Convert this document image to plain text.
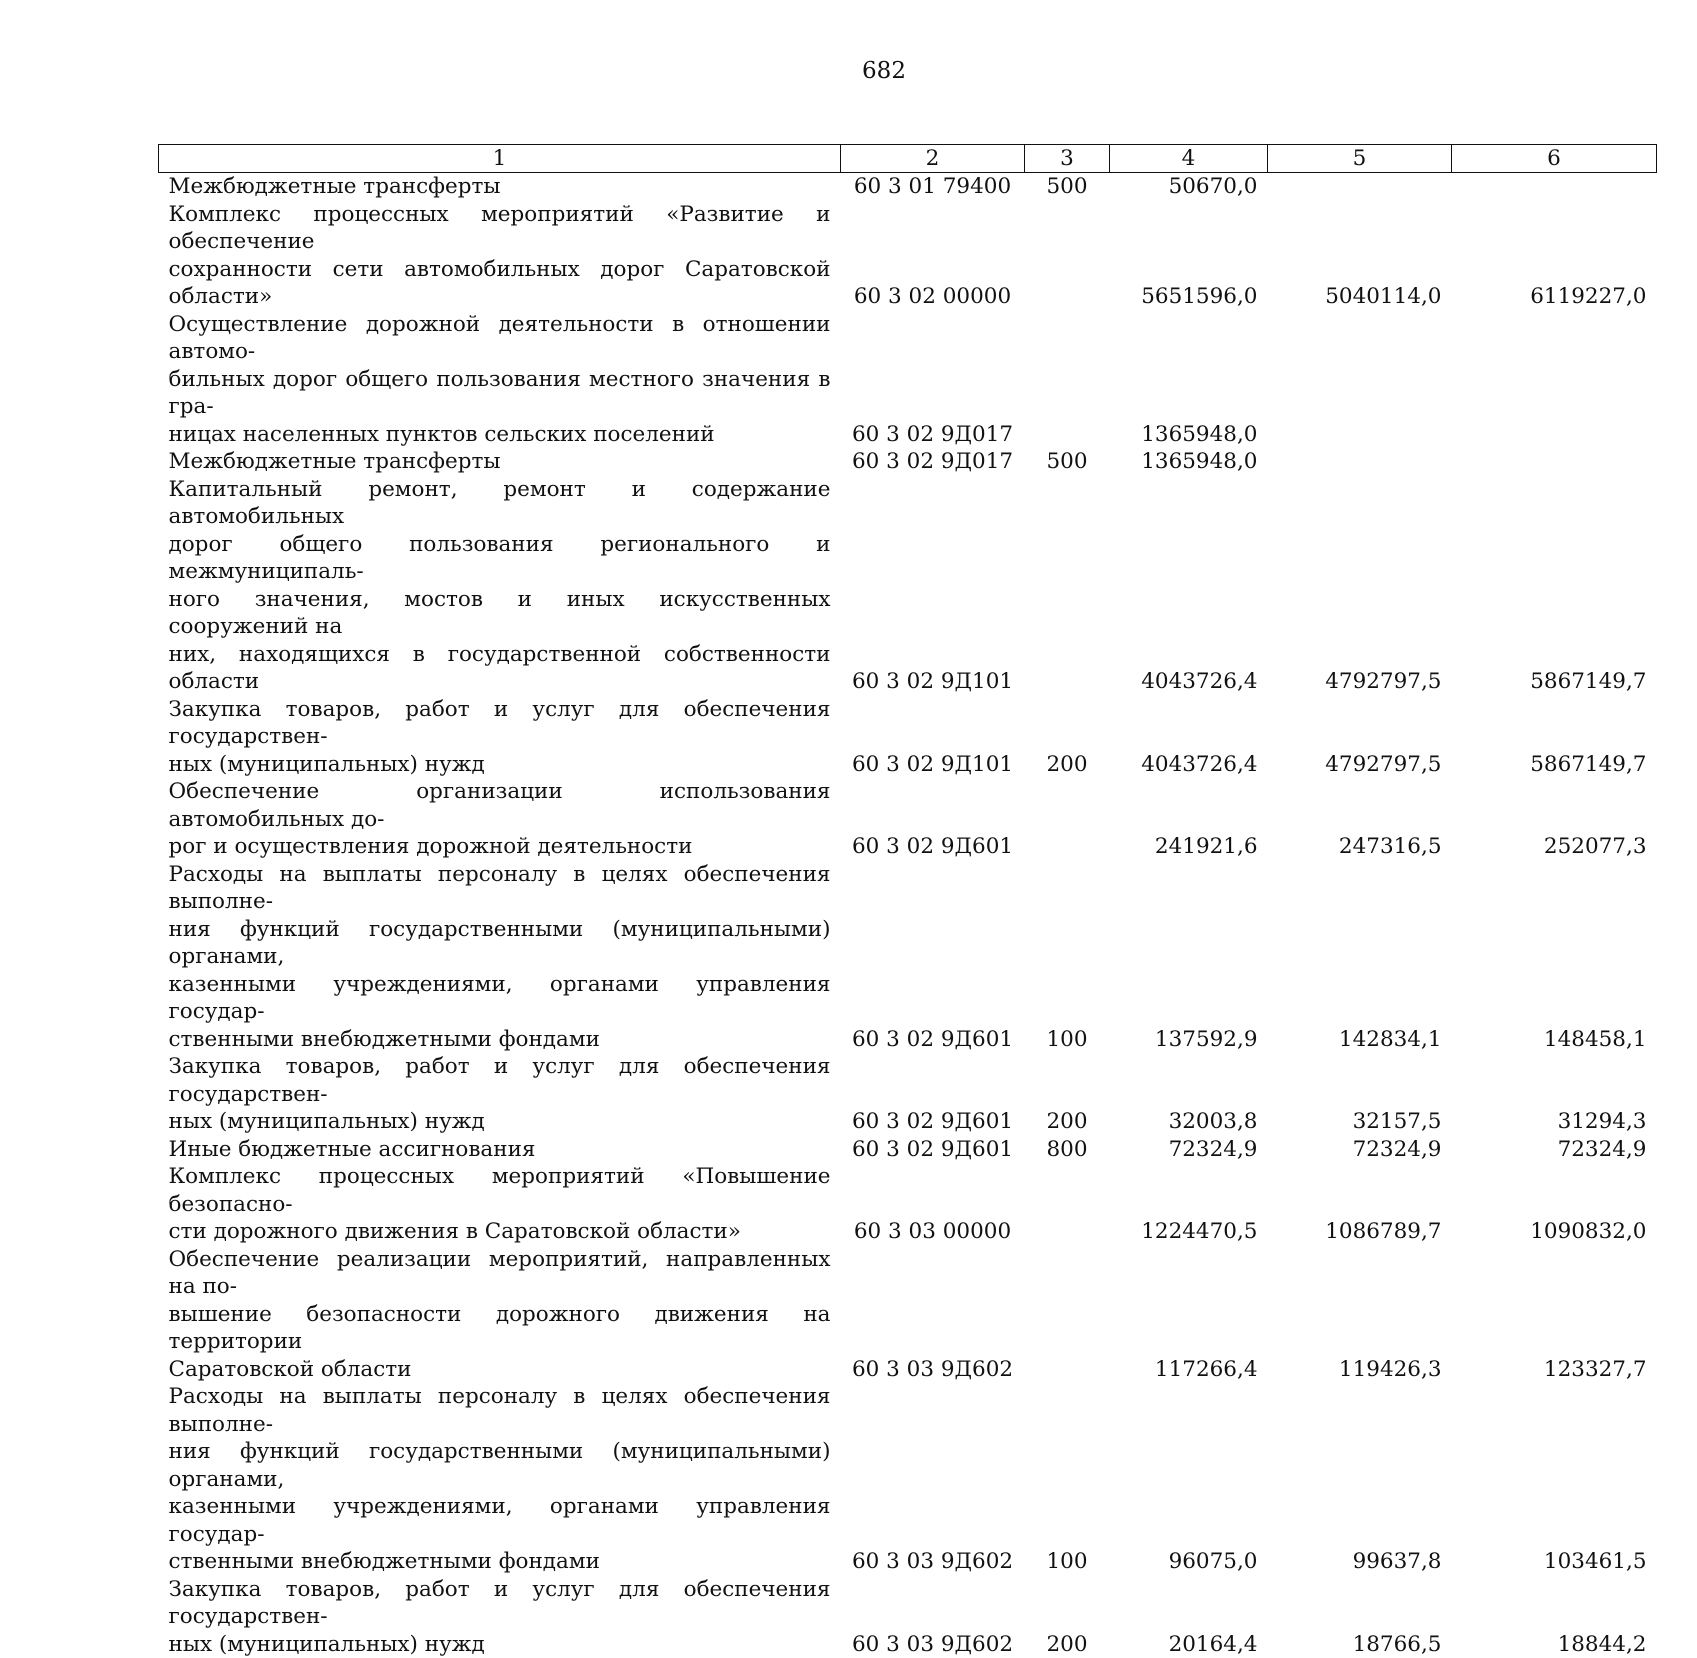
682
1	2	3	4	5	6
Межбюджетные трансферты	60 3 01 79400	500	50670,0		
Комплекс процессных мероприятий «Развитие и обеспечение
сохранности сети автомобильных дорог Саратовской области»	60 3 02 00000		5651596,0	5040114,0	6119227,0
Осуществление дорожной деятельности в отношении автомо-
бильных дорог общего пользования местного значения в гра-
ницах населенных пунктов сельских поселений	60 3 02 9Д017		1365948,0		
Межбюджетные трансферты	60 3 02 9Д017	500	1365948,0		
Капитальный ремонт, ремонт и содержание автомобильных
дорог общего пользования регионального и межмуниципаль-
ного значения, мостов и иных искусственных сооружений на
них, находящихся в государственной собственности области	60 3 02 9Д101		4043726,4	4792797,5	5867149,7
Закупка товаров, работ и услуг для обеспечения государствен-
ных (муниципальных) нужд	60 3 02 9Д101	200	4043726,4	4792797,5	5867149,7
Обеспечение организации использования автомобильных до-
рог и осуществления дорожной деятельности	60 3 02 9Д601		241921,6	247316,5	252077,3
Расходы на выплаты персоналу в целях обеспечения выполне-
ния функций государственными (муниципальными) органами,
казенными учреждениями, органами управления государ-
ственными внебюджетными фондами	60 3 02 9Д601	100	137592,9	142834,1	148458,1
Закупка товаров, работ и услуг для обеспечения государствен-
ных (муниципальных) нужд	60 3 02 9Д601	200	32003,8	32157,5	31294,3
Иные бюджетные ассигнования	60 3 02 9Д601	800	72324,9	72324,9	72324,9
Комплекс процессных мероприятий «Повышение безопасно-
сти дорожного движения в Саратовской области»	60 3 03 00000		1224470,5	1086789,7	1090832,0
Обеспечение реализации мероприятий, направленных на по-
вышение безопасности дорожного движения на территории
Саратовской области	60 3 03 9Д602		117266,4	119426,3	123327,7
Расходы на выплаты персоналу в целях обеспечения выполне-
ния функций государственными (муниципальными) органами,
казенными учреждениями, органами управления государ-
ственными внебюджетными фондами	60 3 03 9Д602	100	96075,0	99637,8	103461,5
Закупка товаров, работ и услуг для обеспечения государствен-
ных (муниципальных) нужд	60 3 03 9Д602	200	20164,4	18766,5	18844,2
